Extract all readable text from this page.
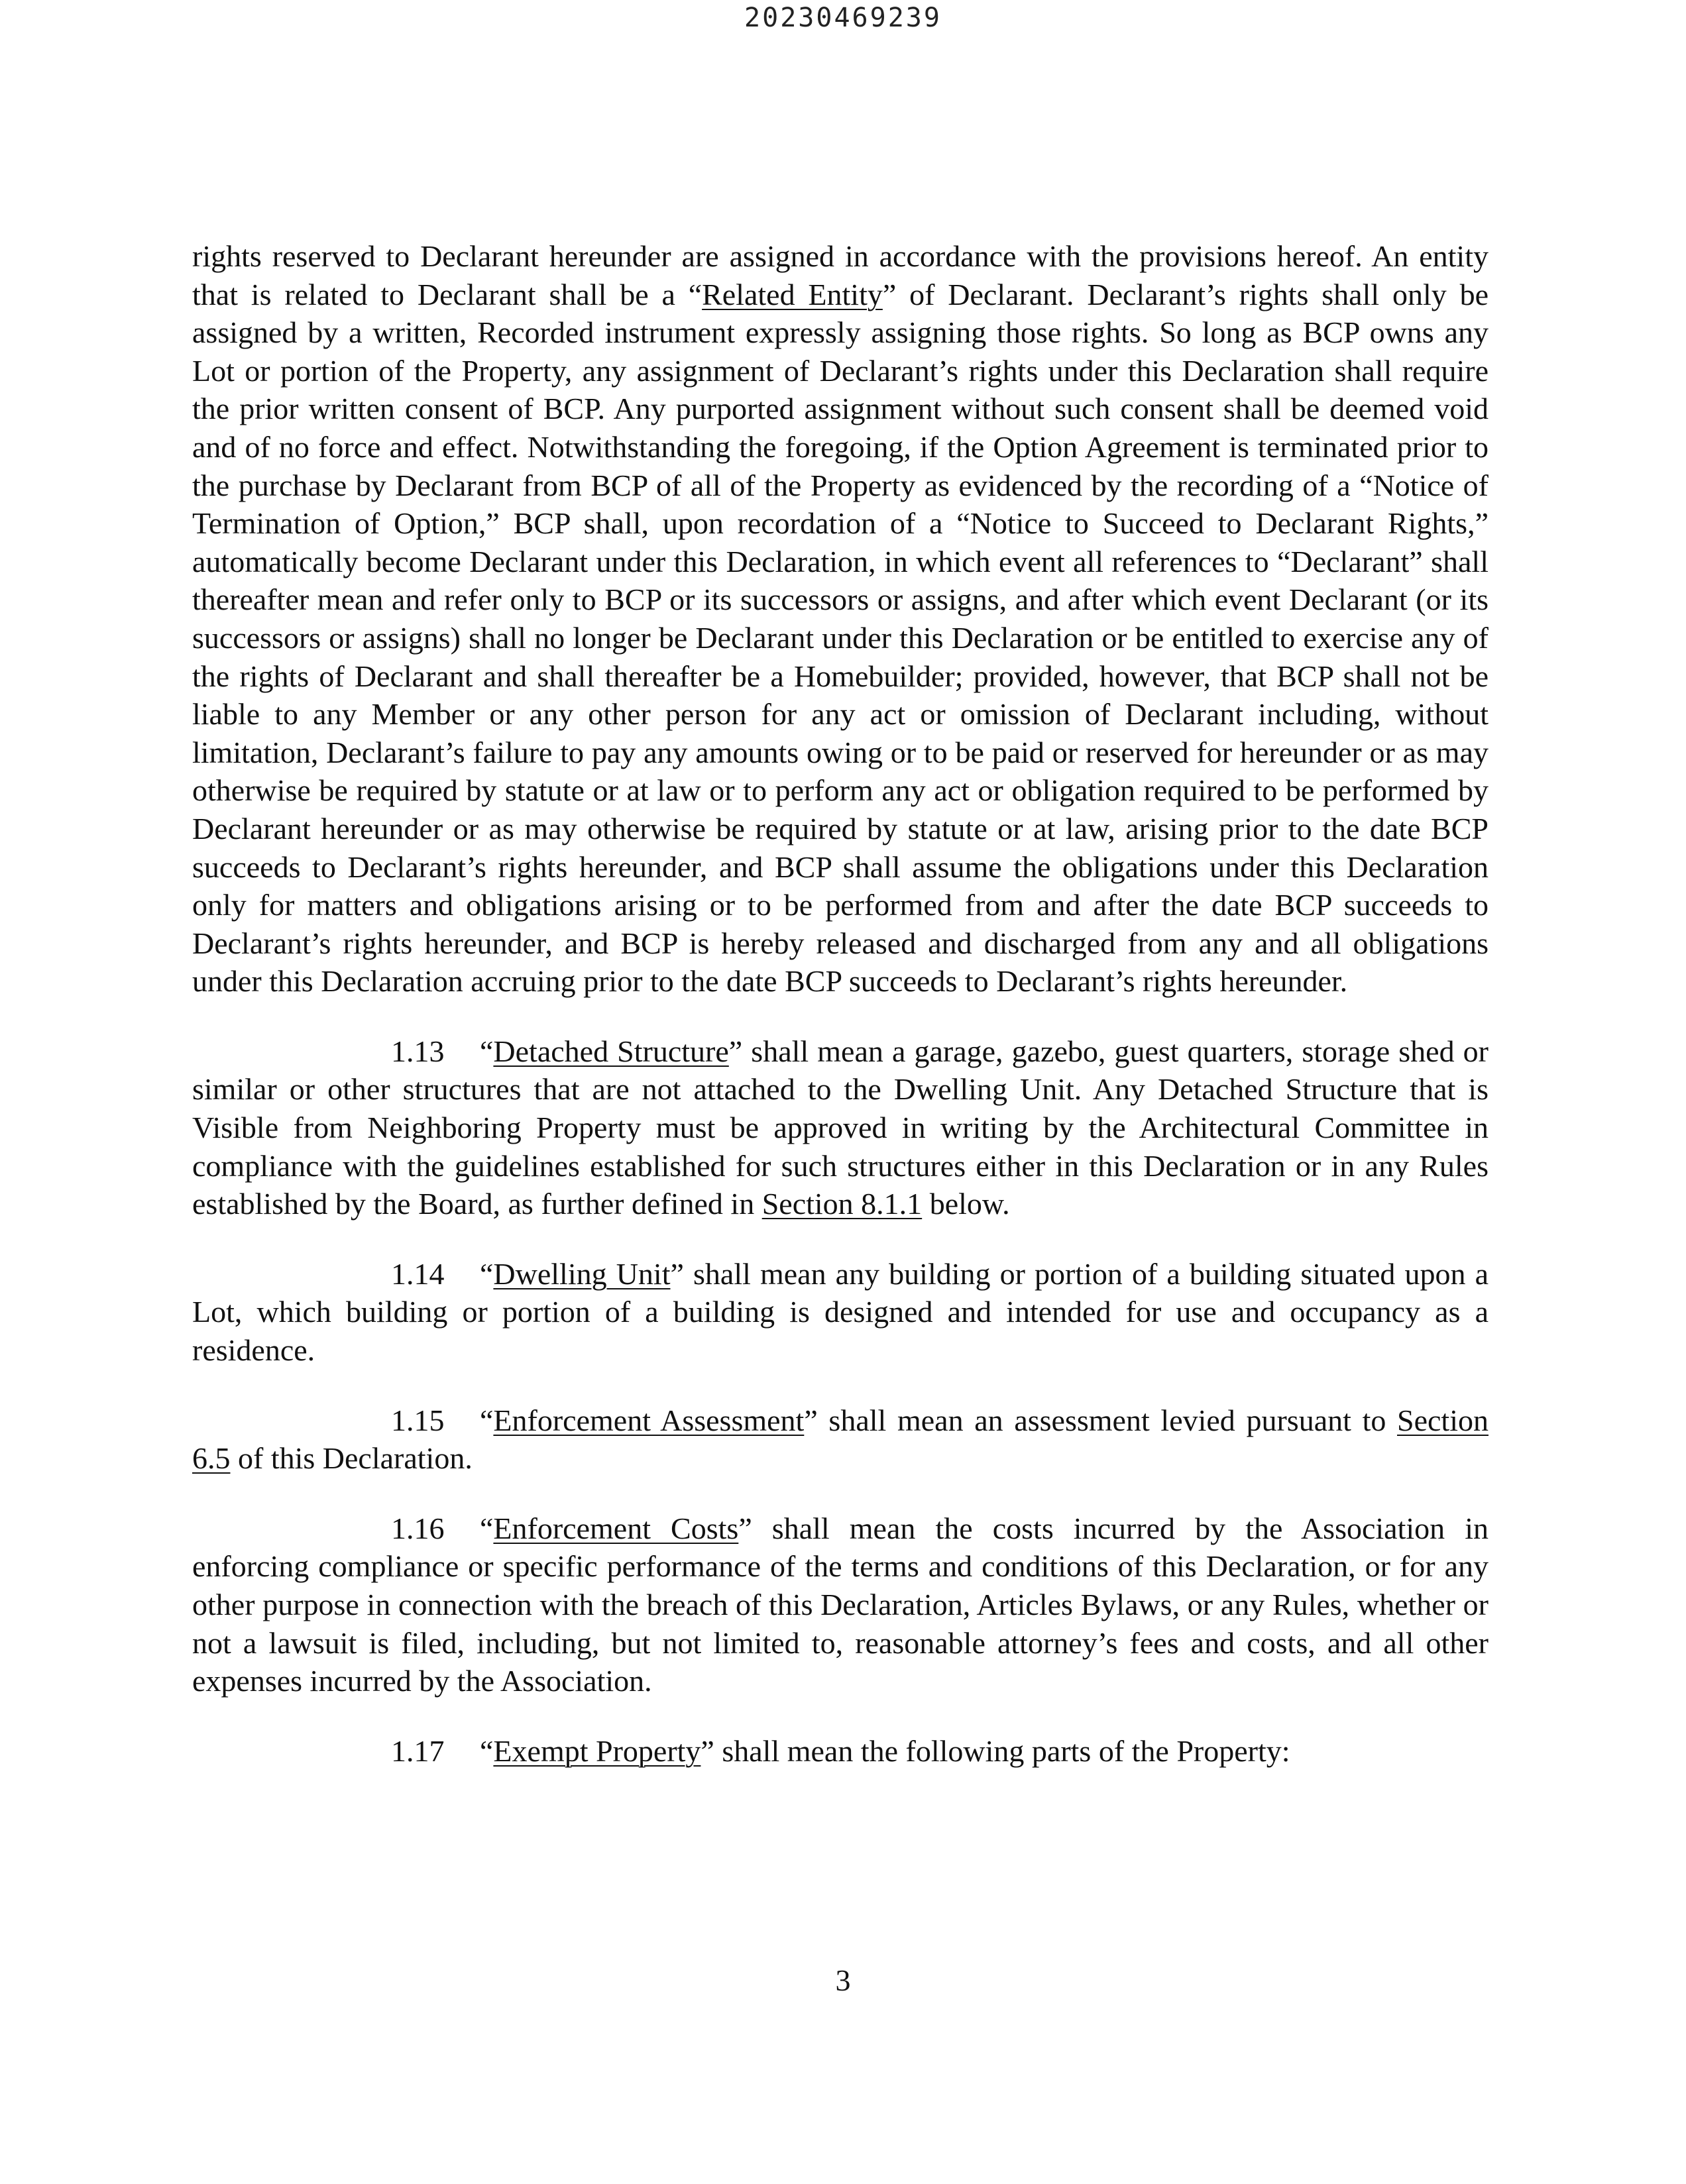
20230469239

rights reserved to Declarant hereunder are assigned in accordance with the provisions hereof. An entity that is related to Declarant shall be a “Related Entity” of Declarant. Declarant’s rights shall only be assigned by a written, Recorded instrument expressly assigning those rights. So long as BCP owns any Lot or portion of the Property, any assignment of Declarant’s rights under this Declaration shall require the prior written consent of BCP. Any purported assignment without such consent shall be deemed void and of no force and effect. Notwithstanding the foregoing, if the Option Agreement is terminated prior to the purchase by Declarant from BCP of all of the Property as evidenced by the recording of a “Notice of Termination of Option,” BCP shall, upon recordation of a “Notice to Succeed to Declarant Rights,” automatically become Declarant under this Declaration, in which event all references to “Declarant” shall thereafter mean and refer only to BCP or its successors or assigns, and after which event Declarant (or its successors or assigns) shall no longer be Declarant under this Declaration or be entitled to exercise any of the rights of Declarant and shall thereafter be a Homebuilder; provided, however, that BCP shall not be liable to any Member or any other person for any act or omission of Declarant including, without limitation, Declarant’s failure to pay any amounts owing or to be paid or reserved for hereunder or as may otherwise be required by statute or at law or to perform any act or obligation required to be performed by Declarant hereunder or as may otherwise be required by statute or at law, arising prior to the date BCP succeeds to Declarant’s rights hereunder, and BCP shall assume the obligations under this Declaration only for matters and obligations arising or to be performed from and after the date BCP succeeds to Declarant’s rights hereunder, and BCP is hereby released and discharged from any and all obligations under this Declaration accruing prior to the date BCP succeeds to Declarant’s rights hereunder.

1.13 “Detached Structure” shall mean a garage, gazebo, guest quarters, storage shed or similar or other structures that are not attached to the Dwelling Unit. Any Detached Structure that is Visible from Neighboring Property must be approved in writing by the Architectural Committee in compliance with the guidelines established for such structures either in this Declaration or in any Rules established by the Board, as further defined in Section 8.1.1 below.

1.14 “Dwelling Unit” shall mean any building or portion of a building situated upon a Lot, which building or portion of a building is designed and intended for use and occupancy as a residence.

1.15 “Enforcement Assessment” shall mean an assessment levied pursuant to Section 6.5 of this Declaration.

1.16 “Enforcement Costs” shall mean the costs incurred by the Association in enforcing compliance or specific performance of the terms and conditions of this Declaration, or for any other purpose in connection with the breach of this Declaration, Articles Bylaws, or any Rules, whether or not a lawsuit is filed, including, but not limited to, reasonable attorney’s fees and costs, and all other expenses incurred by the Association.

1.17 “Exempt Property” shall mean the following parts of the Property:

3
